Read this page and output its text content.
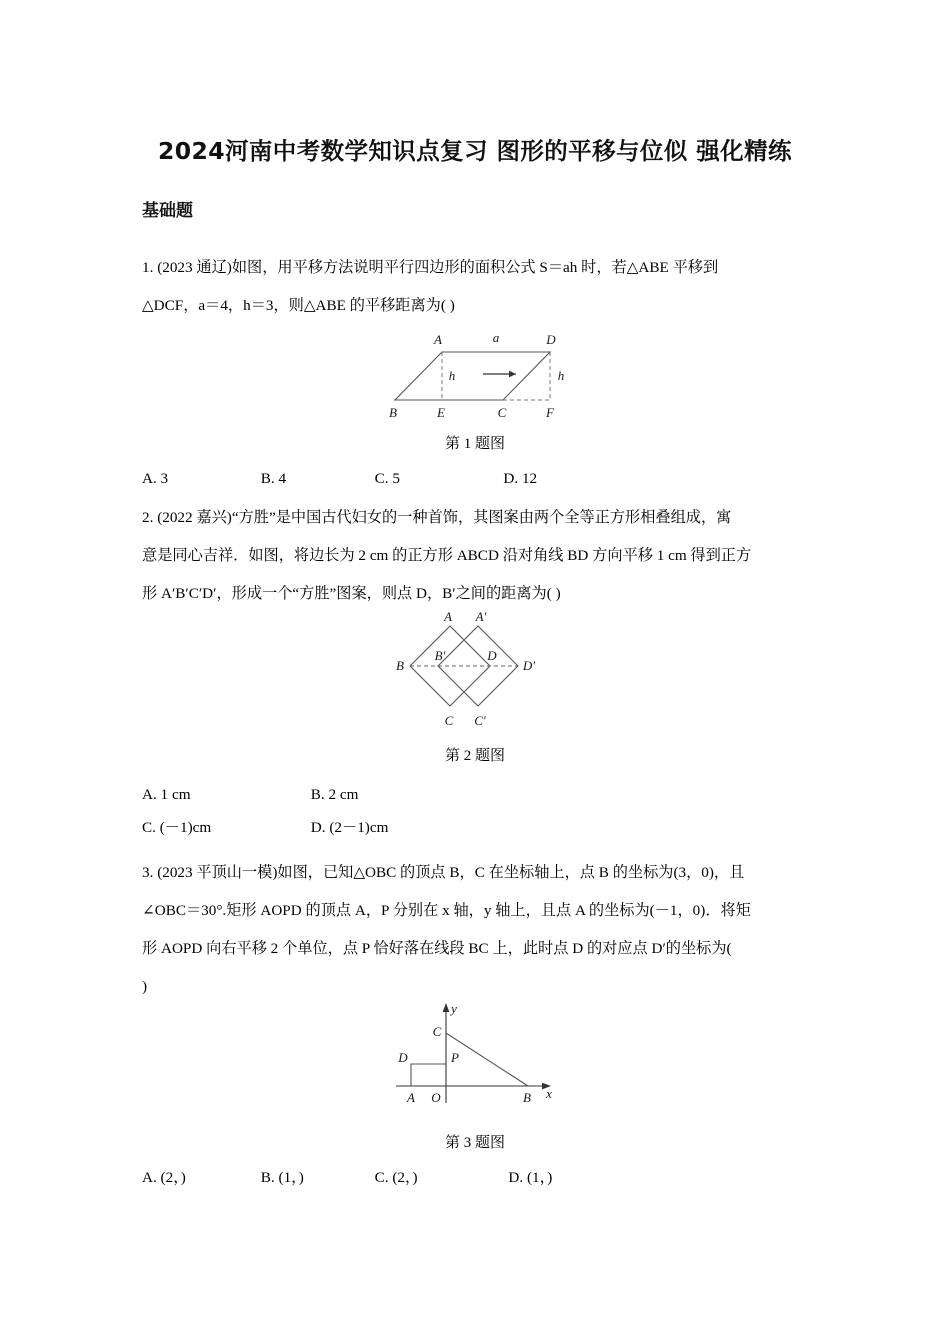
2024河南中考数学知识点复习 图形的平移与位似 强化精练
基础题
1. (2023 通辽)如图，用平移方法说明平行四边形的面积公式 S＝ah 时，若△ABE 平移到
△DCF，a＝4，h＝3，则△ABE 的平移距离为( )
A	a	D
h	h
B	E	C	F
第 1 题图
A. 3	B. 4	C. 5	D. 12
2. (2022 嘉兴)“方胜”是中国古代妇女的一种首饰，其图案由两个全等正方形相叠组成，寓
意是同心吉祥．如图，将边长为 2 cm 的正方形 ABCD 沿对角线 BD 方向平移 1 cm 得到正方
形 A′B′C′D′，形成一个“方胜”图案，则点 D，B′之间的距离为( )
A A′
B
B′	D
D′
C C′
第 2 题图
A. 1 cm	B. 2 cm
C. (－1)cm	D. (2－1)cm
3. (2023 平顶山一模)如图，已知△OBC 的顶点 B，C 在坐标轴上，点 B 的坐标为(3，0)，且
∠OBC＝30°.矩形 AOPD 的顶点 A，P 分别在 x 轴，y 轴上，且点 A 的坐标为(－1，0)．将矩
形 AOPD 向右平移 2 个单位，点 P 恰好落在线段 BC 上，此时点 D 的对应点 D′的坐标为(
)
y
C
D	P
A O	B x
第 3 题图
A. (2，)	B. (1，)	C. (2，)	D. (1，)
